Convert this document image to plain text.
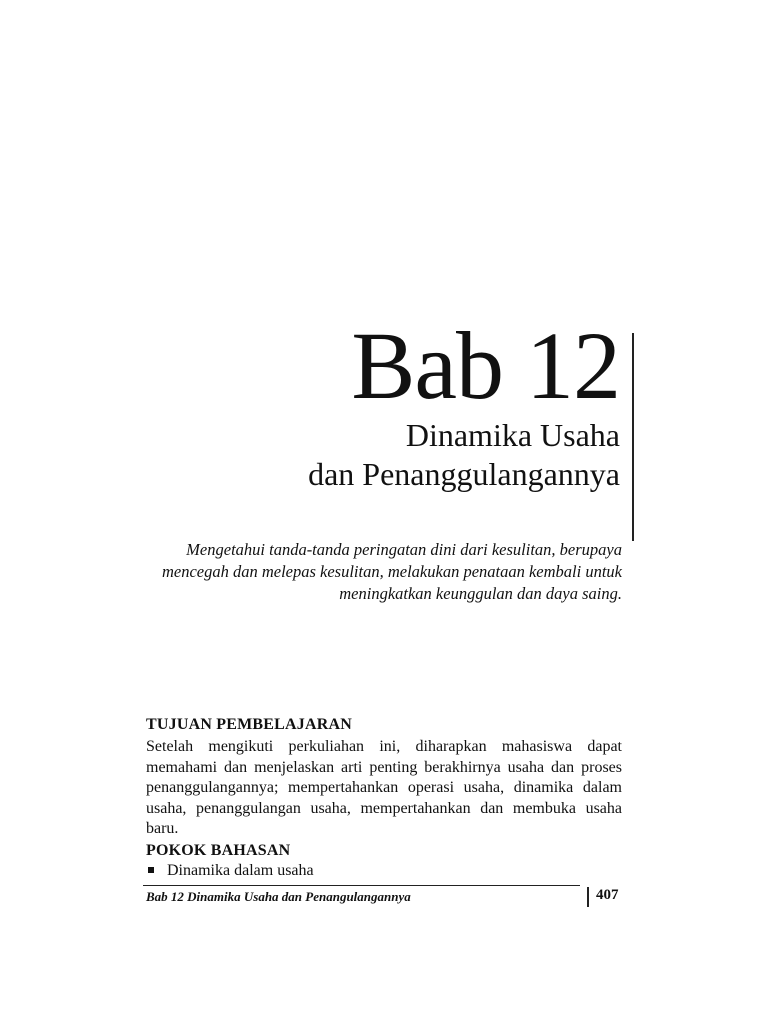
Bab 12
Dinamika Usaha
dan Penanggulangannya

Mengetahui tanda-tanda peringatan dini dari kesulitan, berupaya mencegah dan melepas kesulitan, melakukan penataan kembali untuk meningkatkan keunggulan dan daya saing.

TUJUAN PEMBELAJARAN

Setelah mengikuti perkuliahan ini, diharapkan mahasiswa dapat memahami dan menjelaskan arti penting berakhirnya usaha dan proses penanggulangannya; mempertahankan operasi usaha, dinamika dalam usaha, penanggulangan usaha, mempertahankan dan membuka usaha baru.

POKOK BAHASAN
Dinamika dalam usaha
Bab 12 Dinamika Usaha dan Penangulangannya	407
